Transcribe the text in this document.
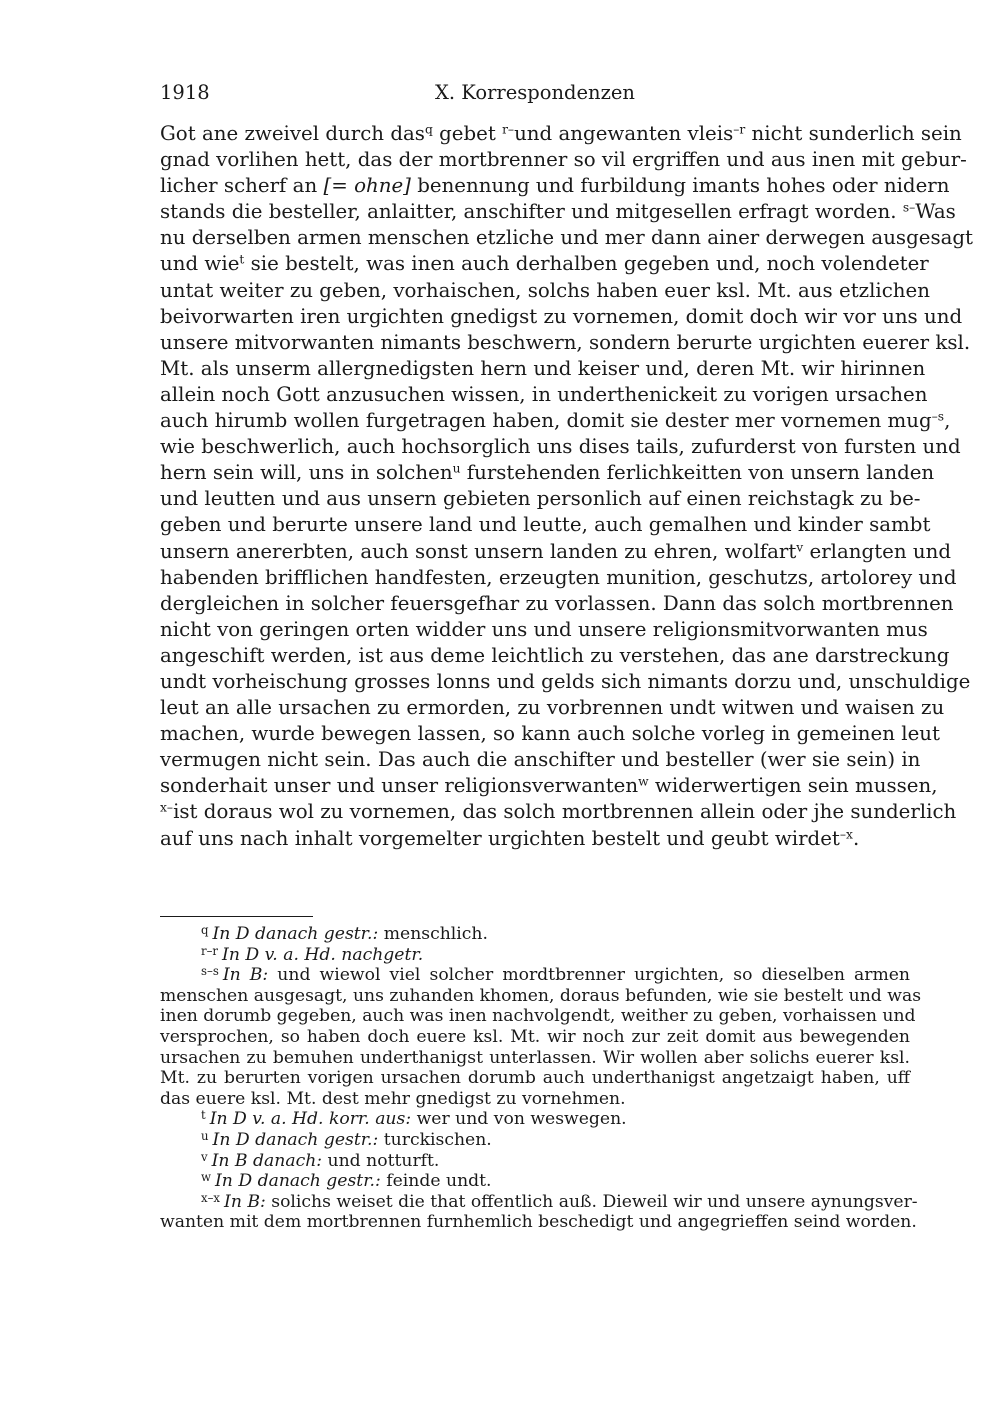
1918	X. Korrespondenzen
Got ane zweivel durch das$^q$ gebet $^{r-}$und angewanten vleis$^{-r}$ nicht sunderlich sein
gnad vorlihen hett, das der mortbrenner so vil ergriffen und aus inen mit gebur-
licher scherf an [= ohne] benennung und furbildung imants hohes oder nidern
stands die besteller, anlaitter, anschifter und mitgesellen erfragt worden. $^{s-}$Was
nu derselben armen menschen etzliche und mer dann ainer derwegen ausgesagt
und wie$^t$ sie bestelt, was inen auch derhalben gegeben und, noch volendeter
untat weiter zu geben, vorhaischen, solchs haben euer ksl. Mt. aus etzlichen
beivorwarten iren urgichten gnedigst zu vornemen, domit doch wir vor uns und
unsere mitvorwanten nimants beschwern, sondern berurte urgichten euerer ksl.
Mt. als unserm allergnedigsten hern und keiser und, deren Mt. wir hirinnen
allein noch Gott anzusuchen wissen, in underthenickeit zu vorigen ursachen
auch hirumb wollen furgetragen haben, domit sie dester mer vornemen mug$^{-s}$,
wie beschwerlich, auch hochsorglich uns dises tails, zufurderst von fursten und
hern sein will, uns in solchen$^u$ furstehenden ferlichkeitten von unsern landen
und leutten und aus unsern gebieten personlich auf einen reichstagk zu be-
geben und berurte unsere land und leutte, auch gemalhen und kinder sambt
unsern anererbten, auch sonst unsern landen zu ehren, wolfart$^v$ erlangten und
habenden brifflichen handfesten, erzeugten munition, geschutzs, artolorey und
dergleichen in solcher feuersgefhar zu vorlassen. Dann das solch mortbrennen
nicht von geringen orten widder uns und unsere religionsmitvorwanten mus
angeschift werden, ist aus deme leichtlich zu verstehen, das ane darstreckung
undt vorheischung grosses lonns und gelds sich nimants dorzu und, unschuldige
leut an alle ursachen zu ermorden, zu vorbrennen undt witwen und waisen zu
machen, wurde bewegen lassen, so kann auch solche vorleg in gemeinen leut
vermugen nicht sein. Das auch die anschifter und besteller (wer sie sein) in
sonderhait unser und unser religionsverwanten$^w$ widerwertigen sein mussen,
$^{x-}$ist doraus wol zu vornemen, das solch mortbrennen allein oder jhe sunderlich
auf uns nach inhalt vorgemelter urgichten bestelt und geubt wirdet$^{-x}$.
$^q$ In D danach gestr.: menschlich.
$^{r-r}$ In D v. a. Hd. nachgetr.
$^{s-s}$ In B: und wiewol viel solcher mordtbrenner urgichten, so dieselben armen
menschen ausgesagt, uns zuhanden khomen, doraus befunden, wie sie bestelt und was
inen dorumb gegeben, auch was inen nachvolgendt, weither zu geben, vorhaissen und
versprochen, so haben doch euere ksl. Mt. wir noch zur zeit domit aus bewegenden
ursachen zu bemuhen underthanigst unterlassen. Wir wollen aber solichs euerer ksl.
Mt. zu berurten vorigen ursachen dorumb auch underthanigst angetzaigt haben, uff
das euere ksl. Mt. dest mehr gnedigst zu vornehmen.
$^t$ In D v. a. Hd. korr. aus: wer und von weswegen.
$^u$ In D danach gestr.: turckischen.
$^v$ In B danach: und notturft.
$^w$ In D danach gestr.: feinde undt.
$^{x-x}$ In B: solichs weiset die that offentlich auß. Dieweil wir und unsere aynungsver-
wanten mit dem mortbrennen furnhemlich beschedigt und angegrieffen seind worden.
